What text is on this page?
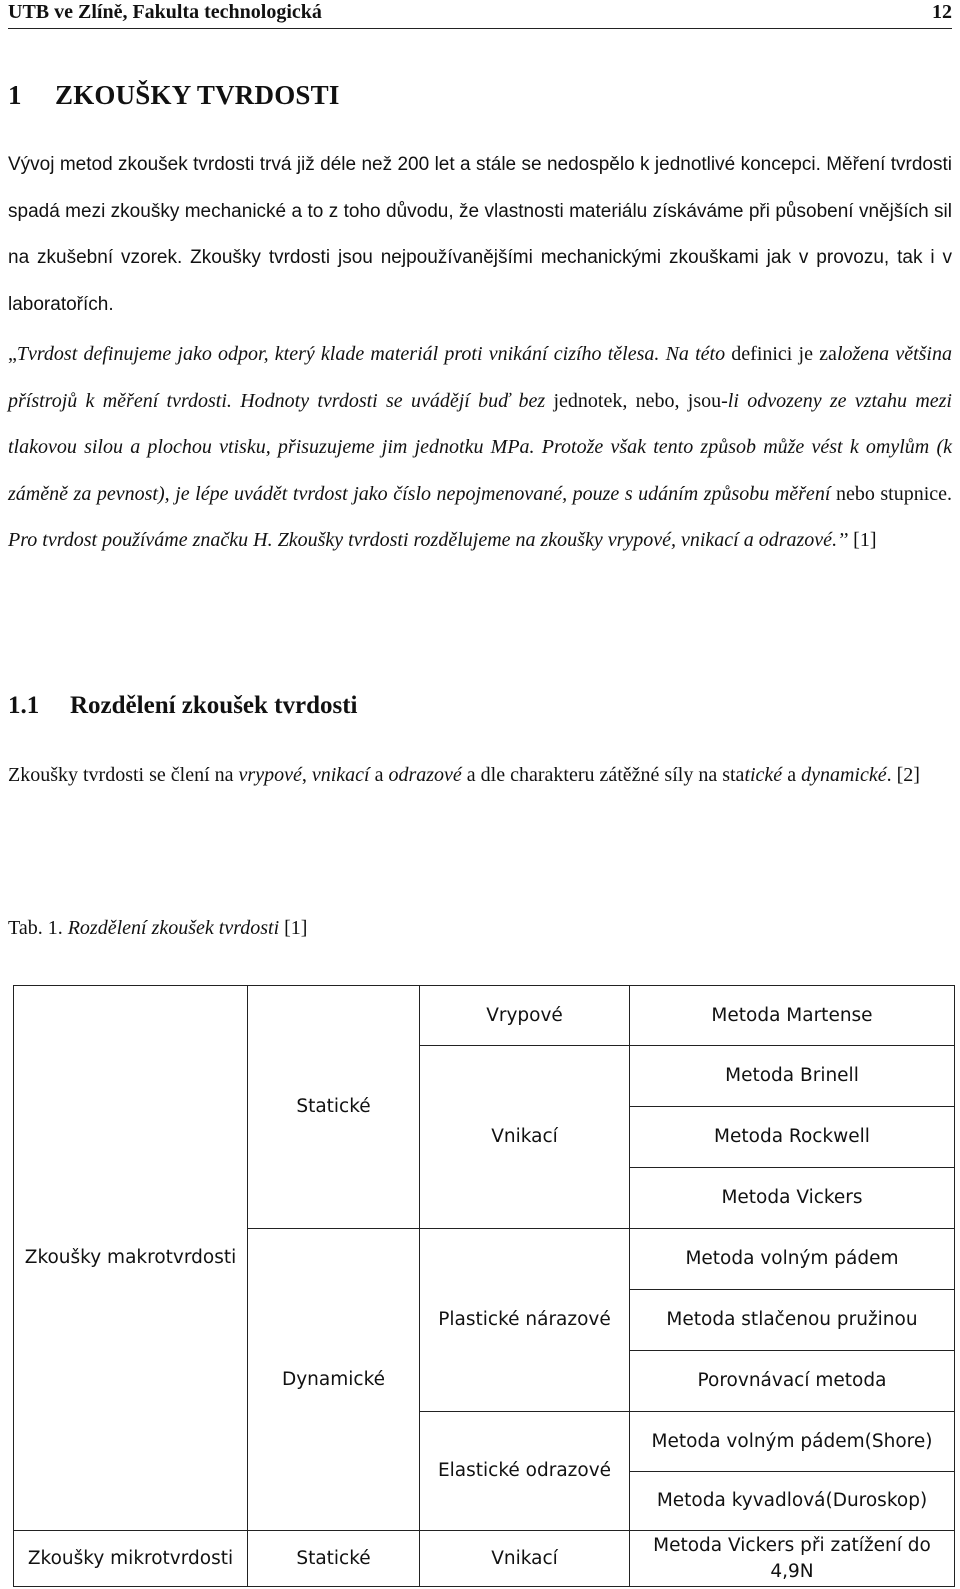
UTB ve Zlíně, Fakulta technologická	12
1 ZKOUŠKY TVRDOSTI

Vývoj metod zkoušek tvrdosti trvá již déle než 200 let a stále se nedospělo k jednotlivé koncepci. Měření tvrdosti spadá mezi zkoušky mechanické a to z toho důvodu, že vlastnosti materiálu získáváme při působení vnějších sil na zkušební vzorek. Zkoušky tvrdosti jsou nejpoužívanějšími mechanickými zkouškami jak v provozu, tak i v laboratořích.

„Tvrdost definujeme jako odpor, který klade materiál proti vnikání cizího tělesa. Na této definici je založena většina přístrojů k měření tvrdosti. Hodnoty tvrdosti se uvádějí buď bez jednotek, nebo, jsou-li odvozeny ze vztahu mezi tlakovou silou a plochou vtisku, přisuzujeme jim jednotku MPa. Protože však tento způsob může vést k omylům (k záměně za pevnost), je lépe uvádět tvrdost jako číslo nepojmenované, pouze s udáním způsobu měření nebo stupnice. Pro tvrdost používáme značku H. Zkoušky tvrdosti rozdělujeme na zkoušky vrypové, vnikací a odrazové.’’ [1]

1.1 Rozdělení zkoušek tvrdosti

Zkoušky tvrdosti se člení na vrypové, vnikací a odrazové a dle charakteru zátěžné síly na statické a dynamické. [2]

Tab. 1. Rozdělení zkoušek tvrdosti [1]
Zkoušky makrotvrdosti
Zkoušky mikrotvrdosti
Statické
Dynamické
Statické
Vrypové
Vnikací
Plastické nárazové
Elastické odrazové
Vnikací
Metoda Martense
Metoda Brinell
Metoda Rockwell
Metoda Vickers
Metoda volným pádem
Metoda stlačenou pružinou
Porovnávací metoda
Metoda volným pádem(Shore)
Metoda kyvadlová(Duroskop)
Metoda Vickers při zatížení do 4,9N
